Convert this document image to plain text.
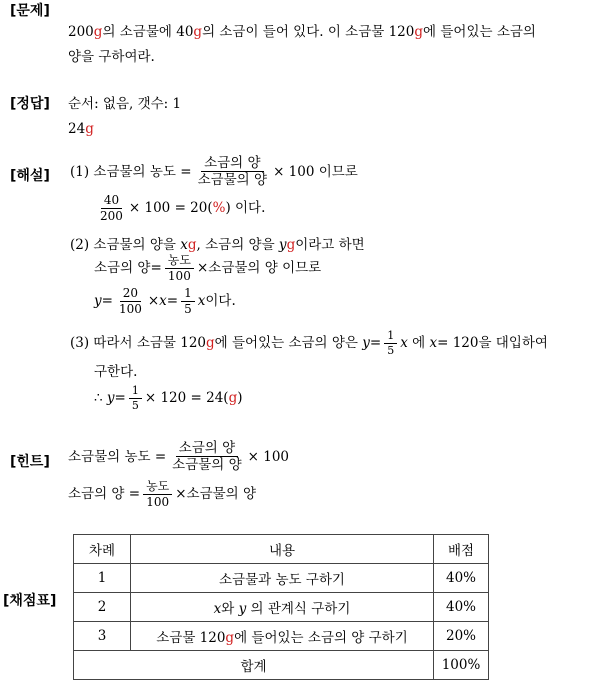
[문제]
200g의 소금물에 40g의 소금이 들어 있다. 이 소금물 120g에 들어있는 소금의
양을 구하여라.
[정답] 순서: 없음, 갯수: 1
24g
[해설] (1) 소금물의 농도 = $\frac{\text{소금의 양}}{\text{소금물의 양}} \times 100$ 이므로
$\frac{40}{200} \times 100 = 20$( % ) 이다.
(2) 소금물의 양을 xg, 소금의 양을 yg이라고 하면
소금의 양= $\frac{\text{농도}}{100}$ ×소금물의 양 이므로
$y = \frac{20}{100} \times x = \frac{1}{5}$ x 이다.
(3) 따라서 소금물 120 g 에 들어있는 소금의 양은
$y = \frac{1}{5}$ x
에
x = 120을 대입하여
구한다.
∴
$y = \frac{1}{5} \times 120 = 24$( g )
[힌트] 소금물의 농도 = $\frac{\text{소금의 양}}{\text{소금물의 양}} \times 100$
소금의 양 = $\frac{\text{농도}}{100}$ ×소금물의 양
[채점표]
차례	내용	배점
1	소금물과 농도 구하기	40%
2	x와 y 의 관계식 구하기	40%
3	소금물 120g에 들어있는 소금의 양 구하기	20%
합계		100%
